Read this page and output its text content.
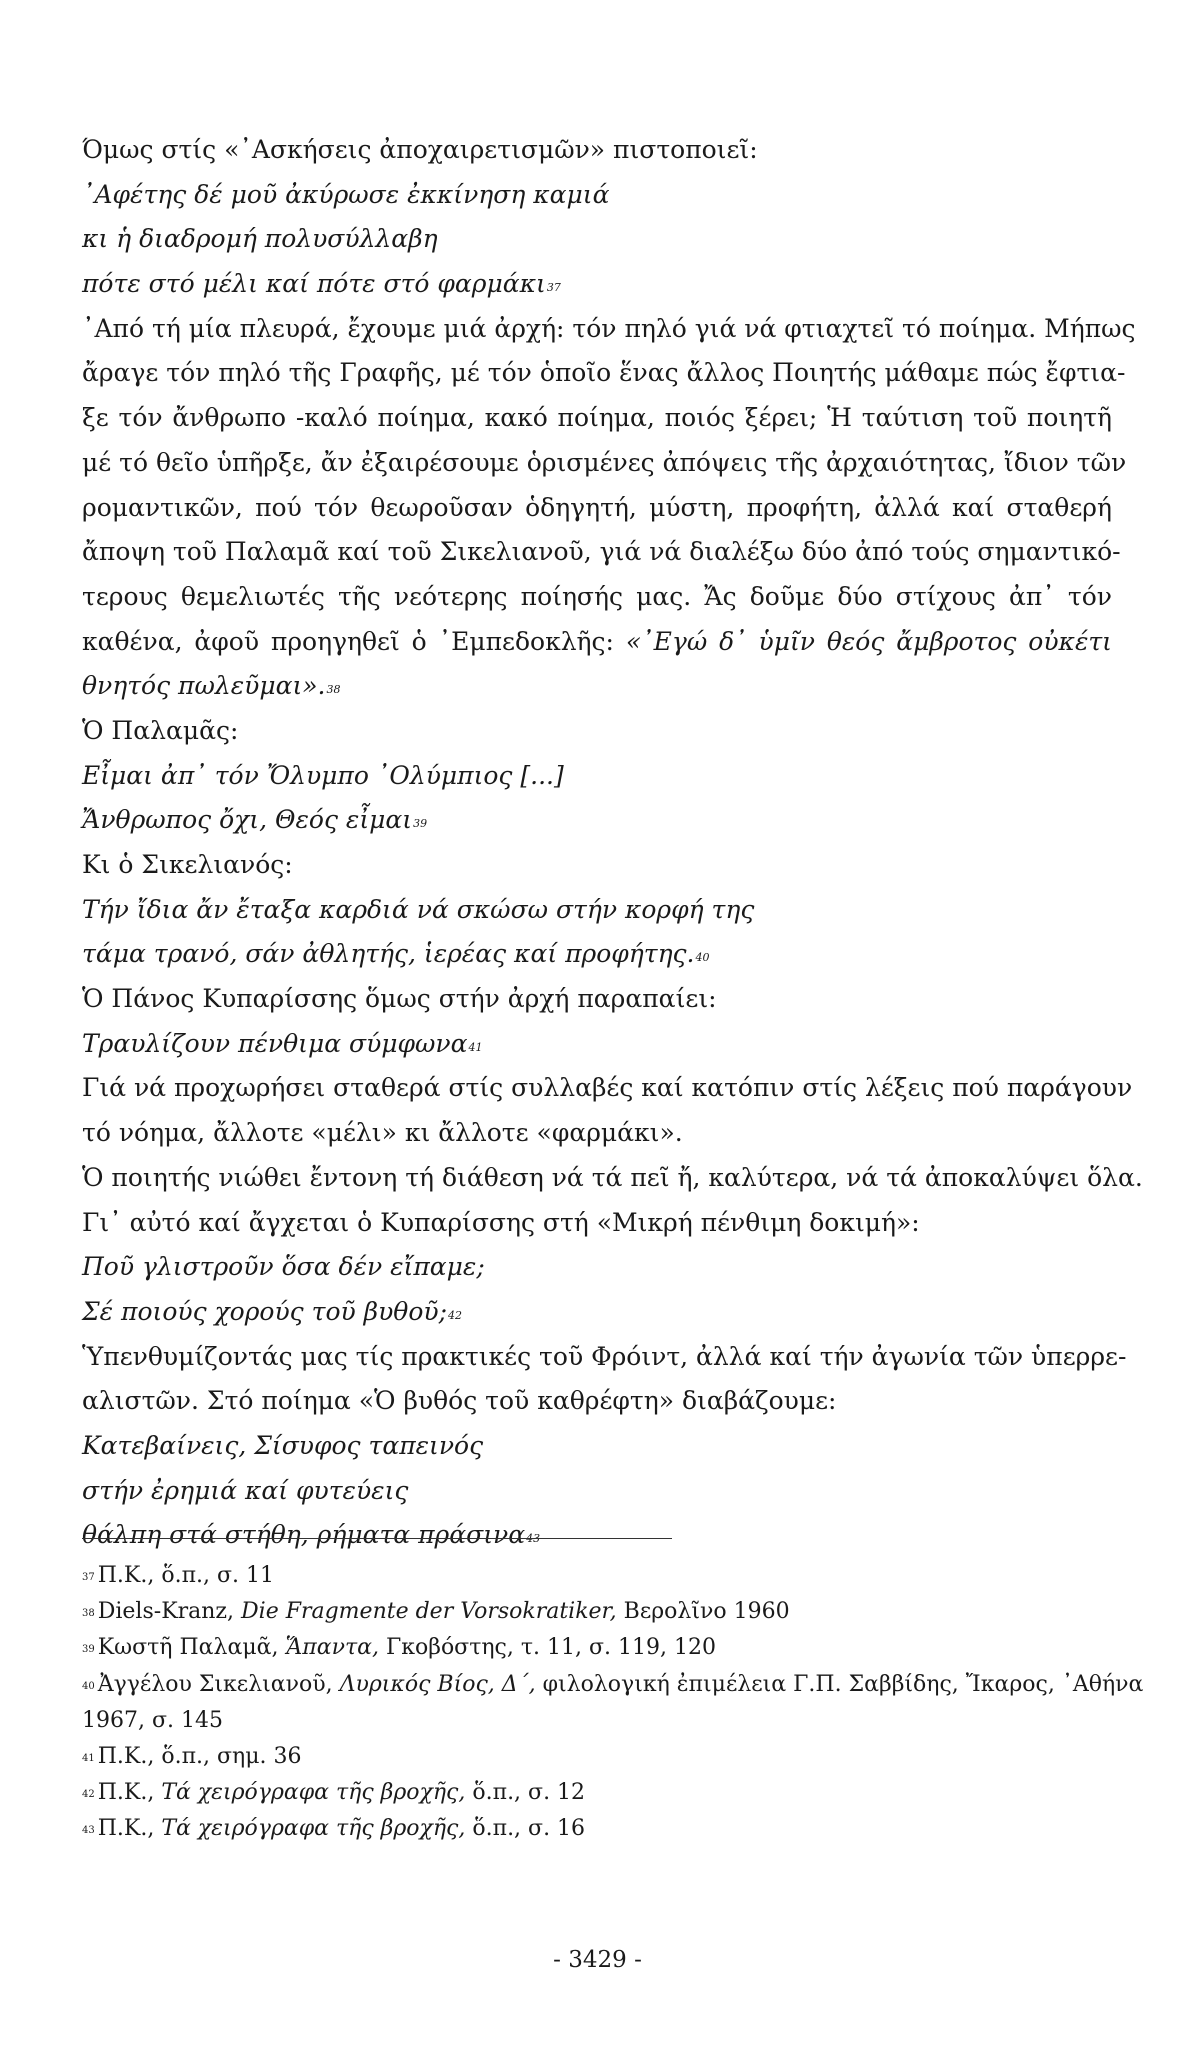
Όμως στίς «᾿Ασκήσεις ἀποχαιρετισμῶν» πιστοποιεῖ:
᾿Αφέτης δέ μοῦ ἀκύρωσε ἐκκίνηση καμιά
κι ἡ διαδρομή πολυσύλλαβη
πότε στό μέλι καί πότε στό φαρμάκι$^{37}$
᾿Από τή μία πλευρά, ἔχουμε μιά ἀρχή: τόν πηλό γιά νά φτιαχτεῖ τό ποίημα. Μήπως
ἄραγε τόν πηλό τῆς Γραφῆς, μέ τόν ὁποῖο ἕνας ἄλλος Ποιητής μάθαμε πώς ἔφτια-
ξε τόν ἄνθρωπο -καλό ποίημα, κακό ποίημα, ποιός ξέρει; Ἡ ταύτιση τοῦ ποιητῆ
μέ τό θεῖο ὑπῆρξε, ἄν ἐξαιρέσουμε ὁρισμένες ἀπόψεις τῆς ἀρχαιότητας, ἴδιον τῶν
ρομαντικῶν, πού τόν θεωροῦσαν ὁδηγητή, μύστη, προφήτη, ἀλλά καί σταθερή
ἄποψη τοῦ Παλαμᾶ καί τοῦ Σικελιανοῦ, γιά νά διαλέξω δύο ἀπό τούς σημαντικό-
τερους θεμελιωτές τῆς νεότερης ποίησής μας. Ἄς δοῦμε δύο στίχους ἀπ᾿ τόν
καθένα, ἀφοῦ προηγηθεῖ ὁ ᾿Εμπεδοκλῆς: «᾿Εγώ δ᾿ ὑμῖν θεός ἄμβροτος οὐκέτι
θνητός πωλεῦμαι».$^{38}$
Ὁ Παλαμᾶς:
Εἶμαι ἀπ᾿ τόν Ὄλυμπο ᾿Ολύμπιος [...]
Ἄνθρωπος ὄχι, Θεός εἶμαι$^{39}$
Κι ὁ Σικελιανός:
Τήν ἴδια ἄν ἔταξα καρδιά νά σκώσω στήν κορφή της
τάμα τρανό, σάν ἀθλητής, ἱερέας καί προφήτης.$^{40}$
Ὁ Πάνος Κυπαρίσσης ὅμως στήν ἀρχή παραπαίει:
Τραυλίζουν πένθιμα σύμφωνα$^{41}$
Γιά νά προχωρήσει σταθερά στίς συλλαβές καί κατόπιν στίς λέξεις πού παράγουν
τό νόημα, ἄλλοτε «μέλι» κι ἄλλοτε «φαρμάκι».
Ὁ ποιητής νιώθει ἔντονη τή διάθεση νά τά πεῖ ἤ, καλύτερα, νά τά ἀποκαλύψει ὅλα.
Γι᾿ αὐτό καί ἄγχεται ὁ Κυπαρίσσης στή «Μικρή πένθιμη δοκιμή»:
Ποῦ γλιστροῦν ὅσα δέν εἴπαμε;
Σέ ποιούς χορούς τοῦ βυθοῦ;$^{42}$
Ὑπενθυμίζοντάς μας τίς πρακτικές τοῦ Φρόιντ, ἀλλά καί τήν ἀγωνία τῶν ὑπερρε-
αλιστῶν. Στό ποίημα «Ὁ βυθός τοῦ καθρέφτη» διαβάζουμε:
Κατεβαίνεις, Σίσυφος ταπεινός
στήν ἐρημιά καί φυτεύεις
θάλπη στά στήθη, ρήματα πράσινα$^{43}$
$^{37}$ Π.Κ., ὅ.π., σ. 11
$^{38}$ Diels-Kranz, Die Fragmente der Vorsokratiker, Βερολῖνο 1960
$^{39}$ Κωστῆ Παλαμᾶ, Ἅπαντα, Γκοβόστης, τ. 11, σ. 119, 120
$^{40}$ Ἀγγέλου Σικελιανοῦ, Λυρικός Βίος, Δ΄, φιλολογική ἐπιμέλεια Γ.Π. Σαββίδης, Ἴκαρος, ᾿Αθήνα
1967, σ. 145
$^{41}$ Π.Κ., ὅ.π., σημ. 36
$^{42}$ Π.Κ., Τά χειρόγραφα τῆς βροχῆς, ὅ.π., σ. 12
$^{43}$ Π.Κ., Τά χειρόγραφα τῆς βροχῆς, ὅ.π., σ. 16
- 3429 -
